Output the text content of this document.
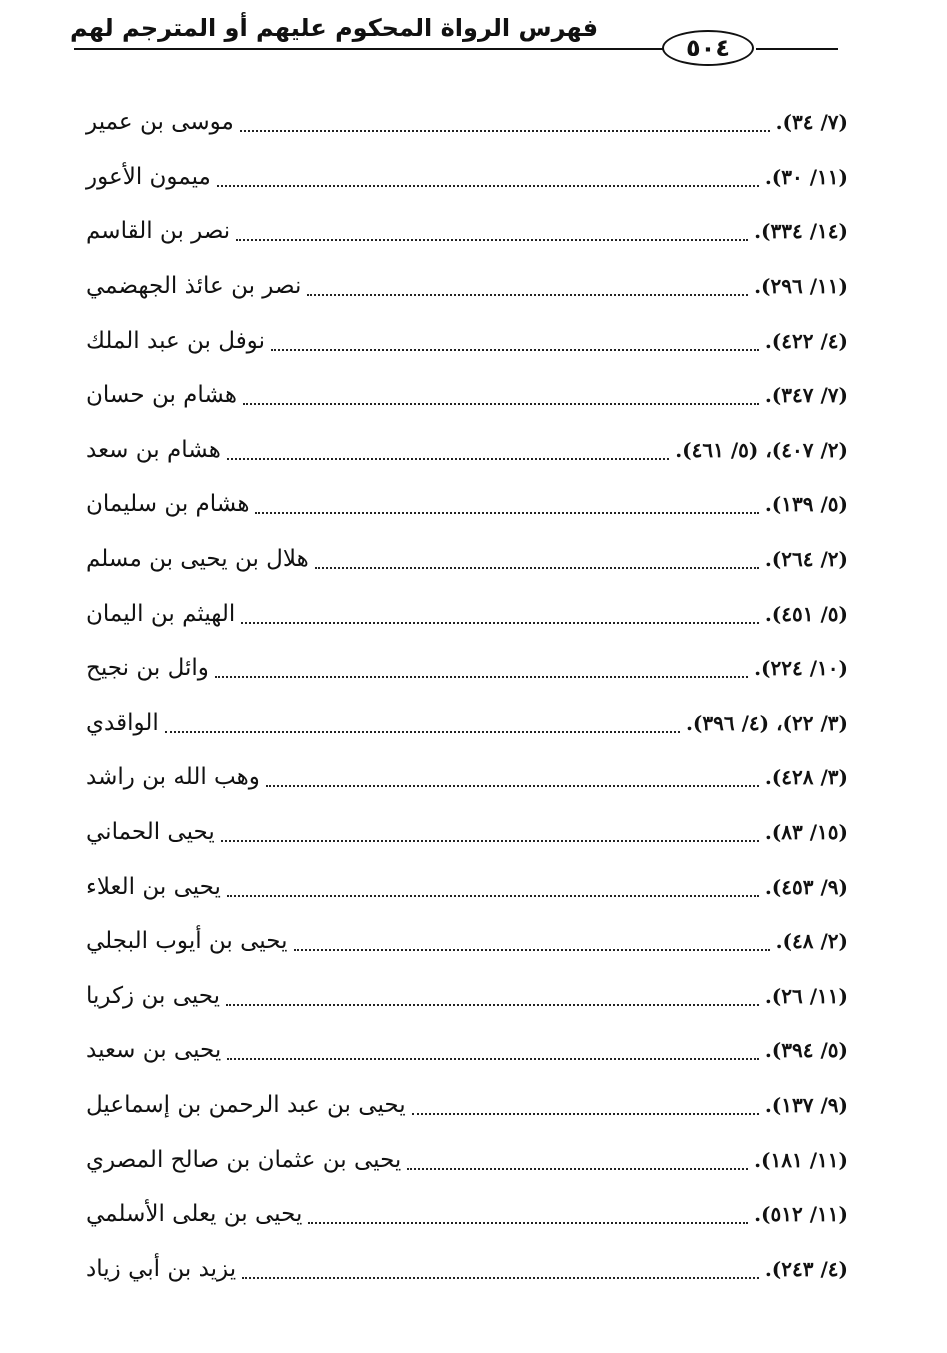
فهرس الرواة المحكوم عليهم أو المترجم لهم
٥٠٤
موسى بن عمير	(٧/ ٣٤).
ميمون الأعور	(١١/ ٣٠).
نصر بن القاسم	(١٤/ ٣٣٤).
نصر بن عائذ الجهضمي	(١١/ ٢٩٦).
نوفل بن عبد الملك	(٤/ ٤٢٢).
هشام بن حسان	(٧/ ٣٤٧).
هشام بن سعد	(٢/ ٤٠٧)، (٥/ ٤٦١).
هشام بن سليمان	(٥/ ١٣٩).
هلال بن يحيى بن مسلم	(٢/ ٢٦٤).
الهيثم بن اليمان	(٥/ ٤٥١).
وائل بن نجيح	(١٠/ ٢٢٤).
الواقدي	(٣/ ٢٢)، (٤/ ٣٩٦).
وهب الله بن راشد	(٣/ ٤٢٨).
يحيى الحماني	(١٥/ ٨٣).
يحيى بن العلاء	(٩/ ٤٥٣).
يحيى بن أيوب البجلي	(٢/ ٤٨).
يحيى بن زكريا	(١١/ ٢٦).
يحيى بن سعيد	(٥/ ٣٩٤).
يحيى بن عبد الرحمن بن إسماعيل	(٩/ ١٣٧).
يحيى بن عثمان بن صالح المصري	(١١/ ١٨١).
يحيى بن يعلى الأسلمي	(١١/ ٥١٢).
يزيد بن أبي زياد	(٤/ ٢٤٣).
